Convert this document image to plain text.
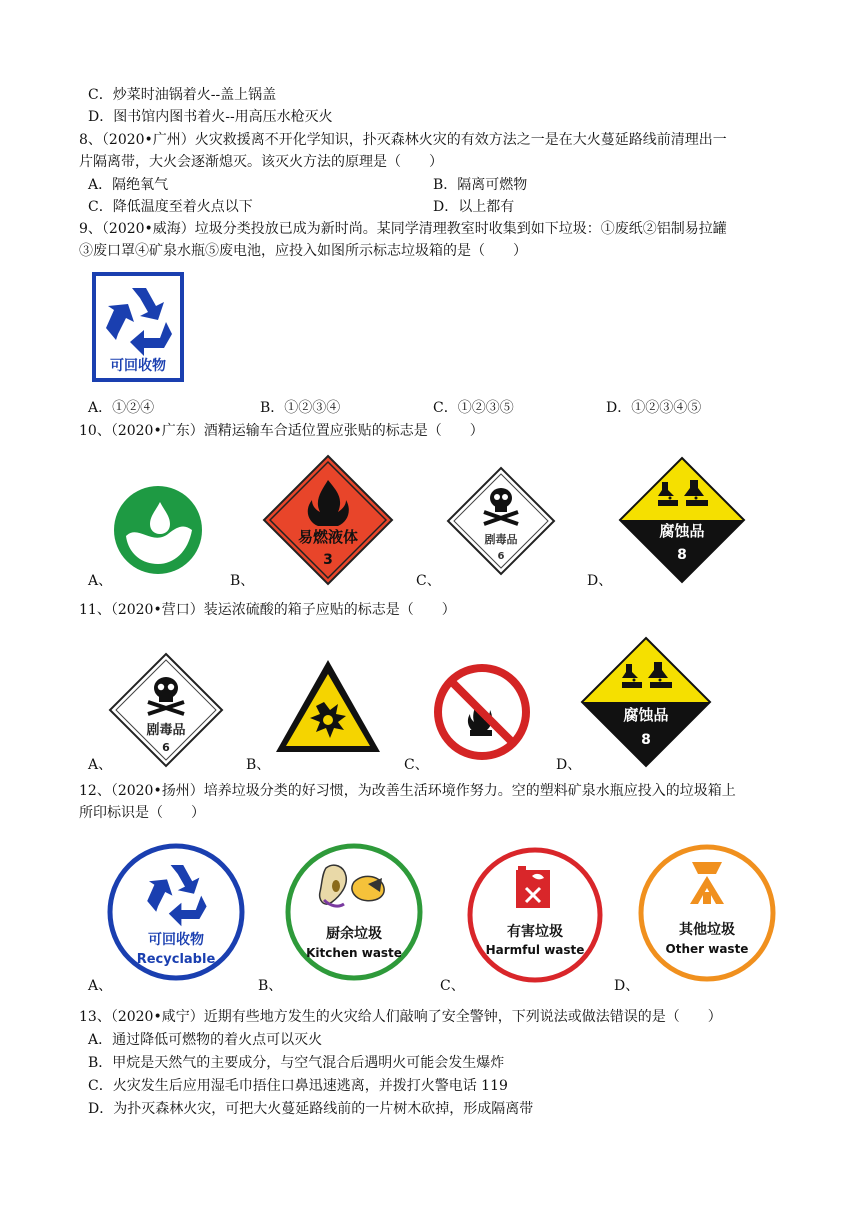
C．炒菜时油锅着火--盖上锅盖
D．图书馆内图书着火--用高压水枪灭火
8、（2020•广州）火灾救援离不开化学知识，扑灭森林火灾的有效方法之一是在大火蔓延路线前清理出一
片隔离带，大火会逐渐熄灭。该灭火方法的原理是（　　）
A．隔绝氧气	B．隔离可燃物
C．降低温度至着火点以下	D．以上都有
9、（2020•威海）垃圾分类投放已成为新时尚。某同学清理教室时收集到如下垃圾：①废纸②铝制易拉罐
③废口罩④矿泉水瓶⑤废电池，应投入如图所示标志垃圾箱的是（　　）
可回收物
A．①②④	B．①②③④	C．①②③⑤	D．①②③④⑤
10、（2020•广东）酒精运输车合适位置应张贴的标志是（　　）
A、
易燃液体
3
B、
剧毒品
6
C、
腐蚀品
8
D、
11、（2020•营口）装运浓硫酸的箱子应贴的标志是（　　）
剧毒品
6
A、	B、	C、
腐蚀品
8
D、
12、（2020•扬州）培养垃圾分类的好习惯，为改善生活环境作努力。空的塑料矿泉水瓶应投入的垃圾箱上
所印标识是（　　）
可回收物
Recyclable
A、
厨余垃圾
Kitchen waste
B、
有害垃圾
Harmful waste
C、
其他垃圾
Other waste
D、
13、（2020•咸宁）近期有些地方发生的火灾给人们敲响了安全警钟，下列说法或做法错误的是（　　）
A．通过降低可燃物的着火点可以灭火
B．甲烷是天然气的主要成分，与空气混合后遇明火可能会发生爆炸
C．火灾发生后应用湿毛巾捂住口鼻迅速逃离，并拨打火警电话 119
D．为扑灭森林火灾，可把大火蔓延路线前的一片树木砍掉，形成隔离带
